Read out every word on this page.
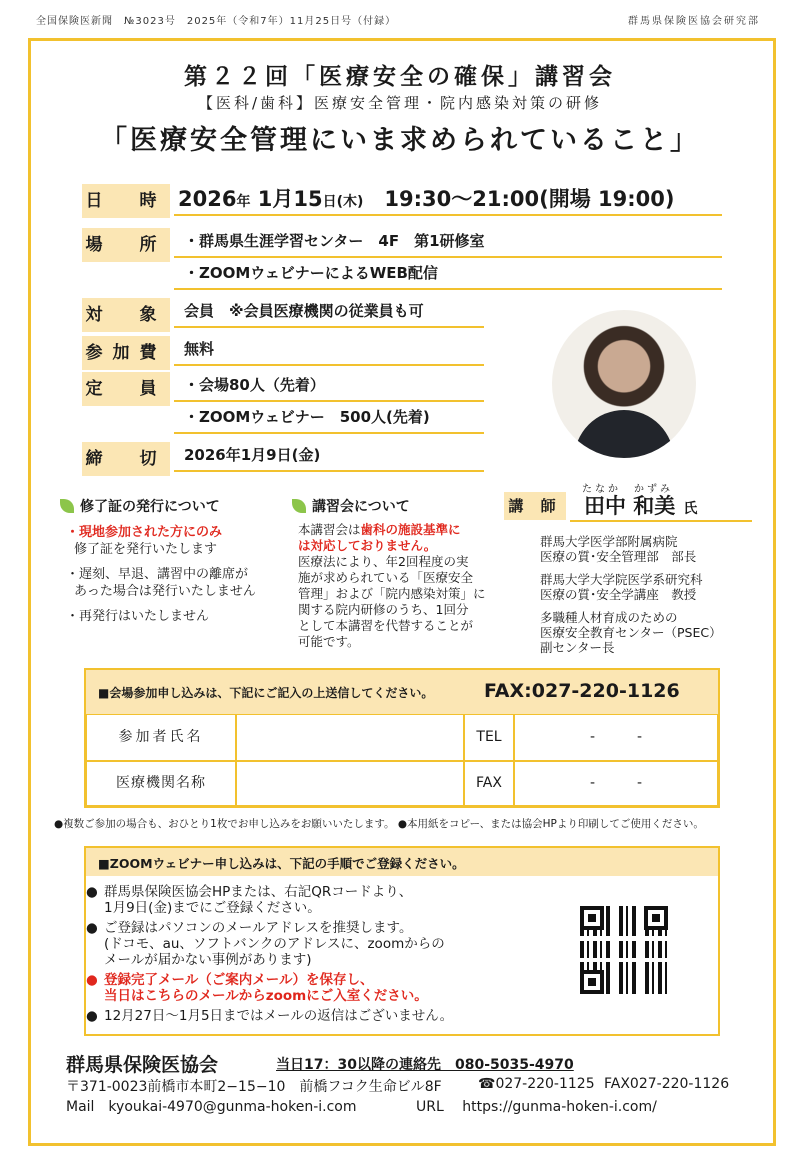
全国保険医新聞　№3023号　2025年（令和7年）11月25日号（付録）	群馬県保険医協会研究部
第２２回「医療安全の確保」講習会
【医科/歯科】医療安全管理・院内感染対策の研修
「医療安全管理にいま求められていること」
日　時 2026年 1月15日(木)　 19:30～21:00(開場 19:00)
場　所	・群馬県生涯学習センター　4F　第1研修室
・ZOOMウェビナーによるWEB配信
対　象	会員　※会員医療機関の従業員も可
参加費	無料
定　員	・会場80人（先着）
・ZOOMウェビナー　500人(先着)
締　切	2026年1月9日(金)
たなか　かずみ
講 師	田中 和美 氏
群馬大学医学部附属病院
医療の質･安全管理部　部長
群馬大学大学院医学系研究科
医療の質･安全学講座　教授
多職種人材育成のための
医療安全教育センター（PSEC）
副センター長
修了証の発行について
・現地参加された方にのみ
修了証を発行いたします
・遅刻、早退、講習中の離席が
あった場合は発行いたしません
・再発行はいたしません
講習会について
本講習会は歯科の施設基準に
は対応しておりません。
医療法により、年2回程度の実
施が求められている「医療安全
管理」および「院内感染対策」に
関する院内研修のうち、1回分
として本講習を代替することが
可能です。
■会場参加申し込みは、下記にご記入の上送信してください。	FAX:027-220-1126
参加者氏名	TEL	-　　　-
医療機関名称	FAX	-　　　-
●複数ご参加の場合も、おひとり1枚でお申し込みをお願いいたします。 ●本用紙をコピー、または協会HPより印刷してご使用ください。
■ZOOMウェビナー申し込みは、下記の手順でご登録ください。
● 群馬県保険医協会HPまたは、右記QRコードより、
1月9日(金)までにご登録ください。
● ご登録はパソコンのメールアドレスを推奨します。
(ドコモ、au、ソフトバンクのアドレスに、zoomからの
メールが届かない事例があります)
● 登録完了メール（ご案内メール）を保存し、
当日はこちらのメールからzoomにご入室ください。
● 12月27日～1月5日まではメールの返信はございません。
群馬県保険医協会	当日17：30以降の連絡先　080-5035-4970
〒371-0023前橋市本町2−15−10　前橋フコク生命ビル8F	☎027-220-1125 FAX027-220-1126
Mail　kyoukai-4970@gunma-hoken-i.com	URL　 https://gunma-hoken-i.com/
